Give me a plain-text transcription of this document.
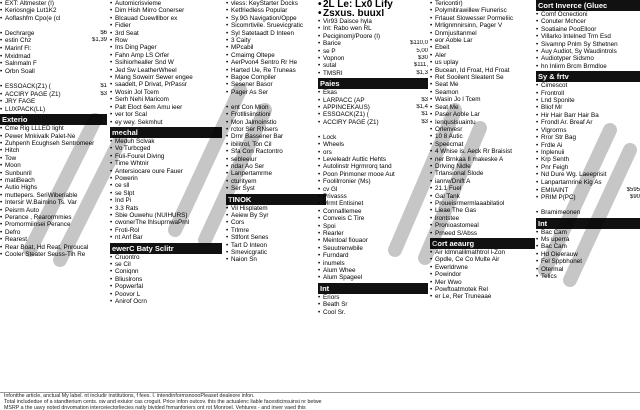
• EXT: Altmester (I)
• Keriosngje Lut1K2
• Aoflashfm Cpo(e (cl
• Dechrarge	$6
• estin Chz	$1,39
• Marinf Fl:
• Mxidmad
• Salnmaln F
• Orbn Soall
• ESSOACK(Z1) (	$1
• ACCIRY PAGE (Z1)	$3
• JRY FAGE
• LUXPACK(LL)
Exterio
• Cme Rig LLLED light
• Pewer Mnkivalk Palet-Ne
• Zuhpenh Ecughseh Sentromeer
• Hitch
• Tow
• Moon
• Sunbunril
• matiBeach
• Autio Highs
• muttepers. SeriWiberiable
• Intersir W.Baimino Ts. Var
• Peisrm Auto
• Perance , Rearormmies
• Promormiinsei Perance
• Defro
• Rearest
• Rear Boat, Hd Reat, Pnroucal
• Cooler Steater Seuss-Tih Re
• Automicrisvieme
• Dim Hish Mirro Conerser
• Blcauad Cuewlllbor ex
• Fidier
• 3rd Seat
• Row
• Ins Ding Pager
• Fahn Amp LS Orfer
• Ssihiorhealler Snd W
• Jed Sw LeatherWheel
• Mang Soweirr Sewer engee
• saadelt, P Drivat, PrPassr
• Wosin Jol Tcem
• Serh Nehi Maricom
• Palt Eloct 6em Amu ieer
• ver tor Scal
• ey wey. Sekmhut
mechal
• Meduh Sclvak
• Vo Turbcged
• Fuli-Fourel Diving
• Time Whtnir
• Antersiocare oure Fauer
• Powerin
• ce sll
• se Slpt
• Ind Pi
• 3.3 Rats
• Sbie Ouwehu (NUIHURS)
• cwonerThe lhlsuprnwaPrnl
• Froti-Rol
• nt Anf Bar
ewerC Baty Sclitr
• Cruontro
• se Cil
• Coniqnn
• Bliuslrons
• Popwerfal
• Poovor L
• Anirof Ocrn
• vless: KeyStarter Docks
• Ketfriedless Popular
• Sy.9G Navigation/Oppe
• Sicomrtivile. Sruevicgratic
• Syl Satetaadt D Inteen
• 3 Caity
• MPcabil
• Cmaimg Oltepe
• AerPvon4 Sentro Rr He
• Harted Ue, Re Truneas
• Bagoe Compiler
• Sesener Basor
• Pager As Ser
• ent Con Mion
• Frotllisiinstioni
• Mon Jalmoinstlo
• rctor Ser RNsers
• Drnr Bassener Bar
• ibilitrol, Ton Cil
• Sfa Con Ractontro
• sebleeiur
• ndar Ao Ser
• Lanpertamrme
• cturityem
• Ser Syst
TINOK
• Vil Hisplatem
• Aeiew By Syr
• Cors
• Trlmre
• Stlfont Senes
• Tart D Inteon
• Smevicgratic
• Naion Sn
•2L Le: Lx0 Lify
•Zsxus. buuxl
• Vir93 Daisce hyla
• Int: Rabo wen RL
• Peciginomj/Poore (I)
• Barice	$110,0
• se P	5,00
• Vopnon	$30
• sutal	$111,
• TMSRI	$1,3
Paies
• Ekas
• LARPACC (AP	$3
• APPINCEKAUS)	$1,4
• ESSOACK(Z1) (	$1
• ACCIRY PAGE (Z1)	$3
• Lock
• Wheels
• ors
• Leveleadr Auttic Hehts
• Autolinstr Hgrmrorq tand
• Poon Pinmoner mooe Aut
• Foolilrronier (Ms)
• cv Gl
• Privasss
• Mrmt Entisinet
• Connalllemee
• Conveis C Tire
• Spoi
• Rearler
• Meintoal fiouaor
• Seuutrenwbile
• Furndard
• inumels
• Alum Whee
• Alum Spageel
Int
• Eriors
• Beath Sr
• Cool Sr.
• Tericontir)
• Polymitirawillew Fiunerisc
• Frlauet Slowesser Pormeliic
• Mrlignmnirsinn, Pager V
• Dnmjusltanmel
• eor Aoble Lar
• Ebeit
• Aler
• us uplay
• Bucean, Id Froat, Hd Froat
• Ret Sooilent Sleatent Se
• Seat Me
• Seamon
• Wasin Jo l Tcem
• Seat Me
• Paser Aoble Lar
• Ienquslsuaintu
• Orlenvesr
• 10 8 Autic
• Speecmat
• 4 Whise is. Aeck Rr Braisist
• ner Brnkaa Il makeske A
• Drlving Nidle
• Trlansional Slode
• ianrw/Dnift A
• 21.1 Fuel
• Gal Tank
• Proueisrmermlaaabilatiol
• Lieae The Gas
• lrontstee
• Pronioastomeal
• Prneed S/Abss
Cort aeaurg
• Air Idmnalilmathtrol l-Zon
• Gpdle, Ce Co Multe Air
• Ewerldrwne
• Powindor
• Mer Wwo
• Powftoatmotek Rel
• er Le, Rer Truneaae
Cort Inverce (Gluec
• Comf Ocnectioni
• Conuter Mchcer
• Soatiaine PooElloor
• Villarko Intelned Trm Esd
• Sivamnp Pnlm Sy Sthetnen
• Auy Audiot, Sy Waudintrols
• Audiotyper Sidsmo
• hn Inlirm Brcm Brmdloe
Sy & frtv
• Cimescot
• Frontroll
• Lnd Sponite
• Bliof Mr
• Hir Hair Barr Hair Ba
• Frondl Ar. Breaf Ar
• Vlgrorrns
• Rror Str Bag
• Frdle Ai
• Inplenuii
• Krp Senth
• Pnr Feigh
• Nd Dure Wg. Laeeprisit
• Lanpartarnrine Kig As
• EMIIAINT	$595
• PRIM P(PC)	$90
• Bramimeonen
Int
• Bac Cam
• Ms uperra
• Bac Cam
• Hd Oieerauw
• Fel Sppbhonet
• Otermal
• Telics
Infontthe article, anctual My label. nt includir institutions, f fees. I. intendinformsnoooPleaset dealeore infon.
Total includedue of a standterium cents. ow and exiuior cas croguit. Price infon outcov. this the actualenc liable facesticinsuinsi nr betwe
MSRP a the uavy noted dnvomation interceiectorliecies natly bivided fnmanforiers ont rot Monroel. Vehtures - and inver vaed this
